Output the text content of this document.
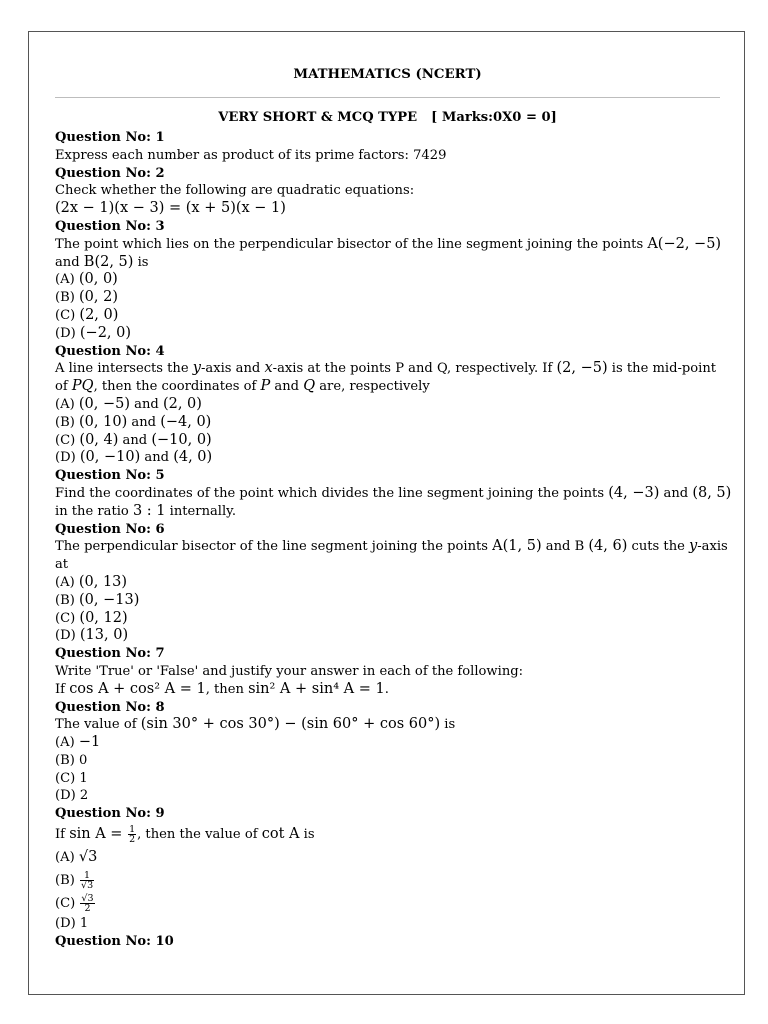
MATHEMATICS (NCERT)
VERY SHORT & MCQ TYPE [ Marks:0X0 = 0]
Question No: 1
Express each number as product of its prime factors: 7429
Question No: 2
Check whether the following are quadratic equations:
(2x − 1)(x − 3) = (x + 5)(x − 1)
Question No: 3
The point which lies on the perpendicular bisector of the line segment joining the points A(−2, −5)
and B(2, 5) is
(A) (0, 0)
(B) (0, 2)
(C) (2, 0)
(D) (−2, 0)
Question No: 4
A line intersects the y-axis and x-axis at the points P and Q, respectively. If (2, −5) is the mid-point
of PQ, then the coordinates of P and Q are, respectively
(A) (0, −5) and (2, 0)
(B) (0, 10) and (−4, 0)
(C) (0, 4) and (−10, 0)
(D) (0, −10) and (4, 0)
Question No: 5
Find the coordinates of the point which divides the line segment joining the points (4, −3) and (8, 5)
in the ratio 3 : 1 internally.
Question No: 6
The perpendicular bisector of the line segment joining the points A(1, 5) and B (4, 6) cuts the y-axis
at
(A) (0, 13)
(B) (0, −13)
(C) (0, 12)
(D) (13, 0)
Question No: 7
Write 'True' or 'False' and justify your answer in each of the following:
If cos A + cos² A = 1, then sin² A + sin⁴ A = 1.
Question No: 8
The value of (sin 30° + cos 30°) − (sin 60° + cos 60°) is
(A) −1
(B) 0
(C) 1
(D) 2
Question No: 9
If $\sin A = \frac{1}{2}$ , then the value of cot A is
(A) √3
$(B) \frac{1}{√3}$
$(C) \frac{√3}{2}$
(D) 1
Question No: 10
